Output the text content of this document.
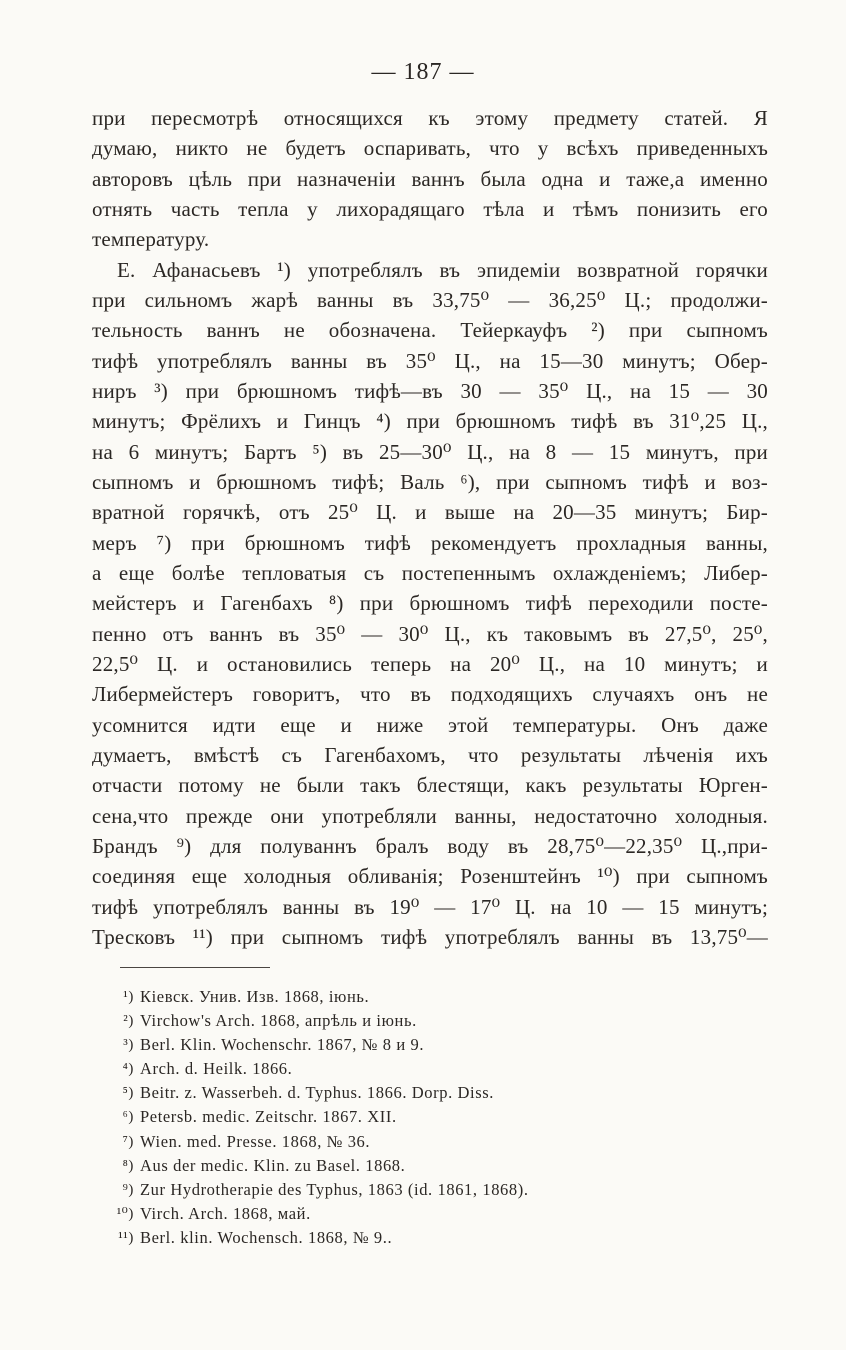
— 187 —
при пересмотрѣ относящихся къ этому предмету статей. Я
думаю, никто не будетъ оспаривать, что у всѣхъ приведенныхъ
авторовъ цѣль при назначеніи ваннъ была одна и таже,а именно
отнять часть тепла у лихорадящаго тѣла и тѣмъ понизить его
температуру.
Е. Афанасьевъ ¹) употреблялъ въ эпидеміи возвратной горячки
при сильномъ жарѣ ванны въ 33,75⁰ — 36,25⁰ Ц.; продолжи-
тельность ваннъ не обозначена. Тейеркауфъ ²) при сыпномъ
тифѣ употреблялъ ванны въ 35⁰ Ц., на 15—30 минутъ; Обер-
ниръ ³) при брюшномъ тифѣ—въ 30 — 35⁰ Ц., на 15 — 30
минутъ; Фрёлихъ и Гинцъ ⁴) при брюшномъ тифѣ въ 31⁰,25 Ц.,
на 6 минутъ; Бартъ ⁵) въ 25—30⁰ Ц., на 8 — 15 минутъ, при
сыпномъ и брюшномъ тифѣ; Валь ⁶), при сыпномъ тифѣ и воз-
вратной горячкѣ, отъ 25⁰ Ц. и выше на 20—35 минутъ; Бир-
меръ ⁷) при брюшномъ тифѣ рекомендуетъ прохладныя ванны,
а еще болѣе тепловатыя съ постепеннымъ охлажденіемъ; Либер-
мейстеръ и Гагенбахъ ⁸) при брюшномъ тифѣ переходили посте-
пенно отъ ваннъ въ 35⁰ — 30⁰ Ц., къ таковымъ въ 27,5⁰, 25⁰,
22,5⁰ Ц. и остановились теперь на 20⁰ Ц., на 10 минутъ; и
Либермейстеръ говоритъ, что въ подходящихъ случаяхъ онъ не
усомнится идти еще и ниже этой температуры. Онъ даже
думаетъ, вмѣстѣ съ Гагенбахомъ, что результаты лѣченія ихъ
отчасти потому не были такъ блестящи, какъ результаты Юрген-
сена,что прежде они употребляли ванны, недостаточно холодныя.
Брандъ ⁹) для полуваннъ бралъ воду въ 28,75⁰—22,35⁰ Ц.,при-
соединяя еще холодныя обливанія; Розенштейнъ ¹⁰) при сыпномъ
тифѣ употреблялъ ванны въ 19⁰ — 17⁰ Ц. на 10 — 15 минутъ;
Тресковъ ¹¹) при сыпномъ тифѣ употреблялъ ванны въ 13,75⁰—
¹) Кіевск. Унив. Изв. 1868, іюнь.
²) Virchow's Arch. 1868, апрѣль и іюнь.
³) Berl. Klin. Wochenschr. 1867, № 8 и 9.
⁴) Arch. d. Heilk. 1866.
⁵) Beitr. z. Wasserbeh. d. Typhus. 1866. Dorp. Diss.
⁶) Petersb. medic. Zeitschr. 1867. XII.
⁷) Wien. med. Presse. 1868, № 36.
⁸) Aus der medic. Klin. zu Basel. 1868.
⁹) Zur Hydrotherapie des Typhus, 1863 (id. 1861, 1868).
¹⁰) Virch. Arch. 1868, май.
¹¹) Berl. klin. Wochensch. 1868, № 9..
